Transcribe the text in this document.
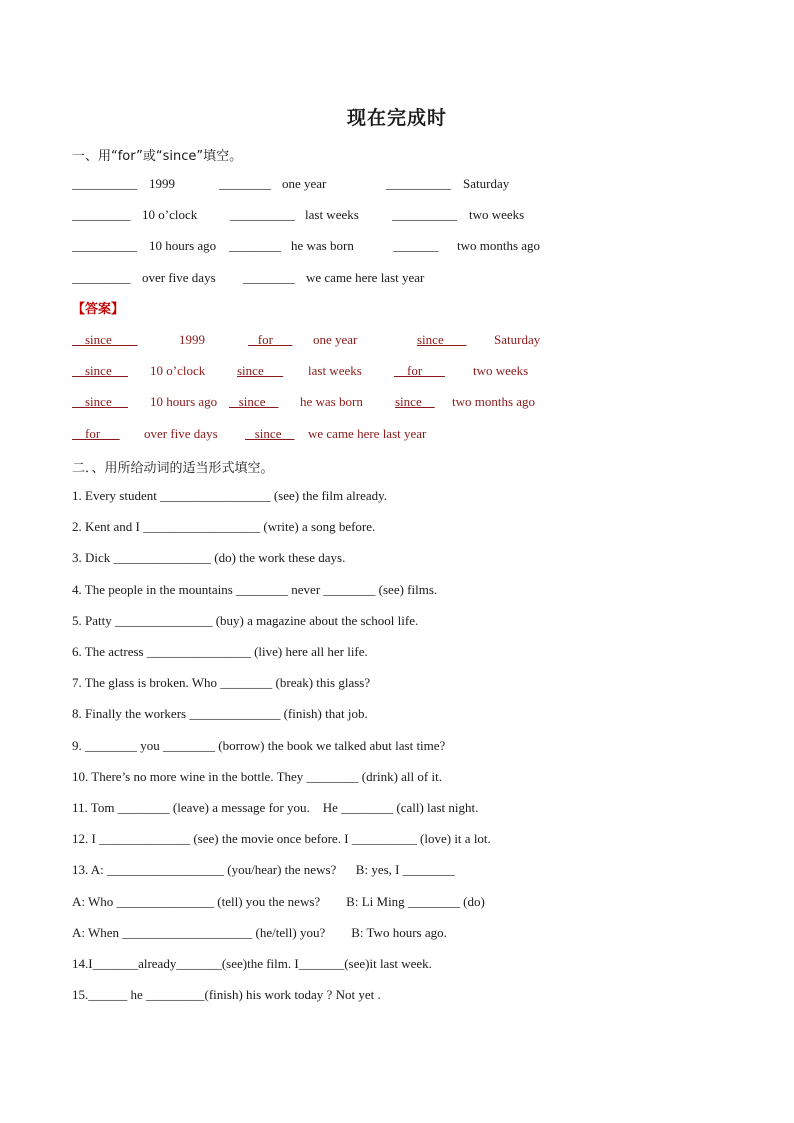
现在完成时
一、用“for”或“since”填空。
__________ 1999	________ one year	__________ Saturday
_________ 10 o’clock	__________ last weeks	__________ two weeks
__________ 10 hours ago ________ he was born	_______ two months ago
_________ over five days ________ we came here last year
【答案】
since	1999	for one year	since Saturday
since 10 o’clock since last weeks for two weeks
since 10 hours ago since he was born since two months ago
for over five days since we came here last year
二．、用所给动词的适当形式填空。
1. Every student _________________ (see) the film already.
2. Kent and I __________________ (write) a song before.
3. Dick _______________ (do) the work these days.
4. The people in the mountains ________ never ________ (see) films.
5. Patty _______________ (buy) a magazine about the school life.
6. The actress ________________ (live) here all her life.
7. The glass is broken. Who ________ (break) this glass?
8. Finally the workers ______________ (finish) that job.
9. ________ you ________ (borrow) the book we talked abut last time?
10. There’s no more wine in the bottle. They ________ (drink) all of it.
11. Tom ________ (leave) a message for you.    He ________ (call) last night.
12. I ______________ (see) the movie once before. I __________ (love) it a lot.
13. A: __________________ (you/hear) the news?      B: yes, I ________
A: Who _______________ (tell) you the news?        B: Li Ming ________ (do)
A: When ____________________ (he/tell) you?        B: Two hours ago.
14.I_______already_______(see)the film. I_______(see)it last week.
15.______ he _________(finish) his work today ? Not yet .
